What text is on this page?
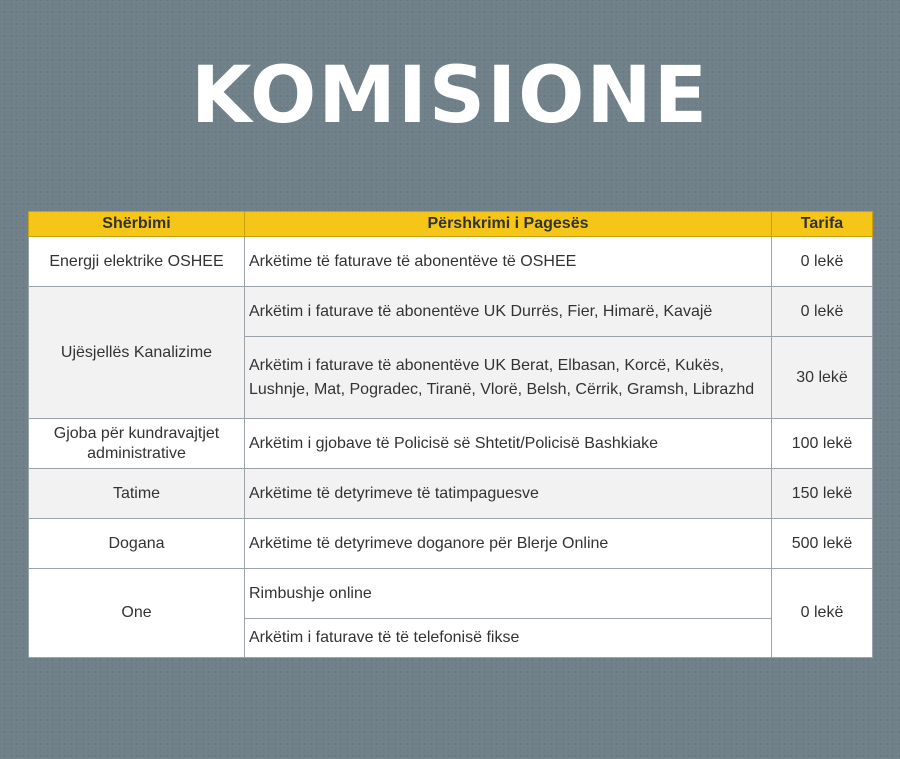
KOMISIONE
Shërbimi	Përshkrimi i Pagesës	Tarifa
Energji elektrike OSHEE	Arkëtime të faturave të abonentëve të OSHEE	0 lekë
Ujësjellës Kanalizime	Arkëtim i faturave të abonentëve UK Durrës, Fier, Himarë, Kavajë	0 lekë
	Arkëtim i faturave të abonentëve UK Berat, Elbasan, Korcë, Kukës, Lushnje, Mat, Pogradec, Tiranë, Vlorë, Belsh, Cërrik, Gramsh, Librazhd	30 lekë
Gjoba për kundravajtjet administrative	Arkëtim i gjobave të Policisë së Shtetit/Policisë Bashkiake	100 lekë
Tatime	Arkëtime të detyrimeve të tatimpaguesve	150 lekë
Dogana	Arkëtime të detyrimeve doganore për Blerje Online	500 lekë
One	Rimbushje online	0 lekë
	Arkëtim i faturave të të telefonisë fikse	
